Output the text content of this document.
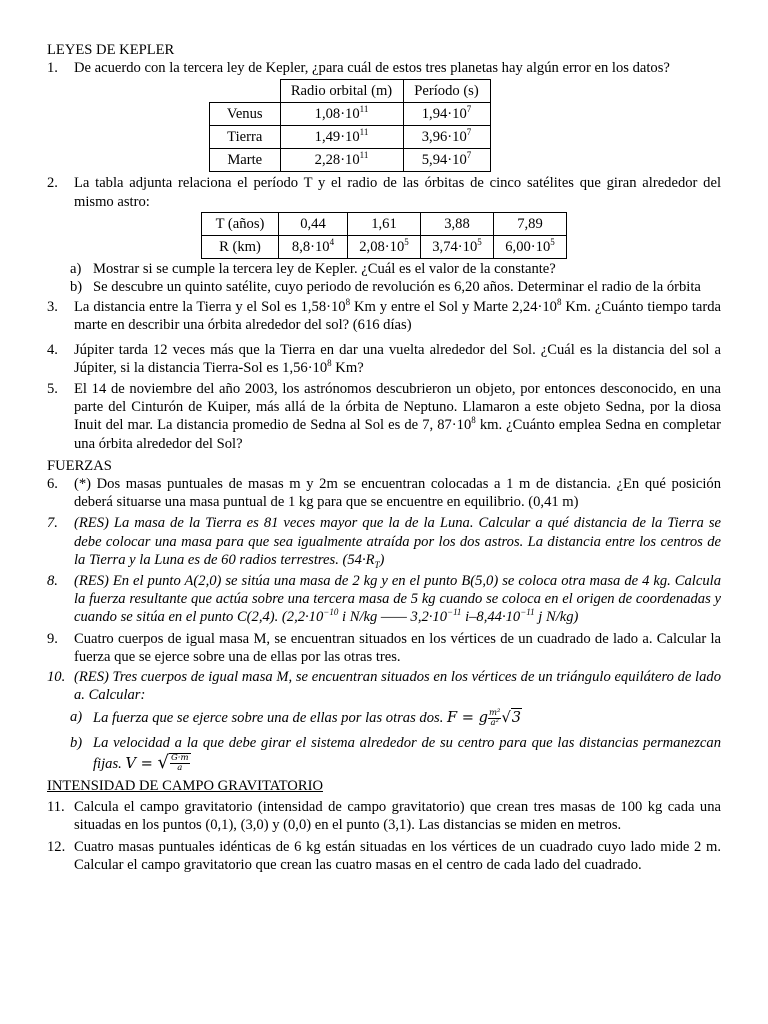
LEYES DE KEPLER
1. De acuerdo con la tercera ley de Kepler, ¿para cuál de estos tres planetas hay algún error en los datos?
	Radio orbital (m)	Período (s)
Venus	$1,08\cdot 10^{11}$	$1,94\cdot 10^7$
Tierra	$1,49\cdot 10^{11}$	$3,96\cdot 10^7$
Marte	$2,28\cdot 10^{11}$	$5,94\cdot 10^7$
2. La tabla adjunta relaciona el período T y el radio de las órbitas de cinco satélites que giran alrededor del mismo astro:
T (años)	0,44	1,61	3,88	7,89
R (km)	$8,8\cdot 10^4$	$2,08\cdot 10^5$	$3,74\cdot 10^5$	$6,00\cdot 10^5$
a) Mostrar si se cumple la tercera ley de Kepler. ¿Cuál es el valor de la constante?
b) Se descubre un quinto satélite, cuyo periodo de revolución es 6,20 años. Determinar el radio de la órbita
3. La distancia entre la Tierra y el Sol es $1,58\cdot 10^8$ Km y entre el Sol y Marte $2,24\cdot 10^8$ Km. ¿Cuánto tiempo tarda marte en describir una órbita alrededor del sol? (616 días)
4. Júpiter tarda 12 veces más que la Tierra en dar una vuelta alrededor del Sol. ¿Cuál es la distancia del sol a Júpiter, si la distancia Tierra-Sol es $1,56\cdot 10^8$ Km?
5. El 14 de noviembre del año 2003, los astrónomos descubrieron un objeto, por entonces desconocido, en una parte del Cinturón de Kuiper, más allá de la órbita de Neptuno. Llamaron a este objeto Sedna, por la diosa Inuit del mar. La distancia promedio de Sedna al Sol es de 7, $87\cdot 10^8$ km. ¿Cuánto emplea Sedna en completar una órbita alrededor del Sol?
FUERZAS
6. (*) Dos masas puntuales de masas m y 2m se encuentran colocadas a 1 m de distancia. ¿En qué posición deberá situarse una masa puntual de 1 kg para que se encuentre en equilibrio. (0,41 m)
7. (RES) La masa de la Tierra es 81 veces mayor que la de la Luna. Calcular a qué distancia de la Tierra se debe colocar una masa para que sea igualmente atraída por los dos astros. La distancia entre los centros de la Tierra y la Luna es de 60 radios terrestres. $(54\cdot R_T)$
8. (RES) En el punto A(2,0) se sitúa una masa de 2 kg y en el punto B(5,0) se coloca otra masa de 4 kg. Calcula la fuerza resultante que actúa sobre una tercera masa de 5 kg cuando se coloca en el origen de coordenadas y cuando se sitúa en el punto C(2,4). ($2,2\cdot 10^{-10}$ i N/kg —— $3,2\cdot 10^{-11}$ $i-8,44\cdot 10^{-11}$ j N/kg)
9. Cuatro cuerpos de igual masa M, se encuentran situados en los vértices de un cuadrado de lado a. Calcular la fuerza que se ejerce sobre una de ellas por las otras tres.
10. (RES) Tres cuerpos de igual masa M, se encuentran situados en los vértices de un triángulo equilátero de lado a. Calcular:
a) La fuerza que se ejerce sobre una de ellas por las otras dos. F = g $\frac{\text{m²}}{\text{a²}} √3$
b) La velocidad a la que debe girar el sistema alrededor de su centro para que las distancias permanezcan fijas. V = √ $\frac{G\cdot m}{a}$
INTENSIDAD DE CAMPO GRAVITATORIO
11. Calcula el campo gravitatorio (intensidad de campo gravitatorio) que crean tres masas de 100 kg cada una situadas en los puntos (0,1), (3,0) y (0,0) en el punto (3,1). Las distancias se miden en metros.
12. Cuatro masas puntuales idénticas de 6 kg están situadas en los vértices de un cuadrado cuyo lado mide 2 m. Calcular el campo gravitatorio que crean las cuatro masas en el centro de cada lado del cuadrado.
